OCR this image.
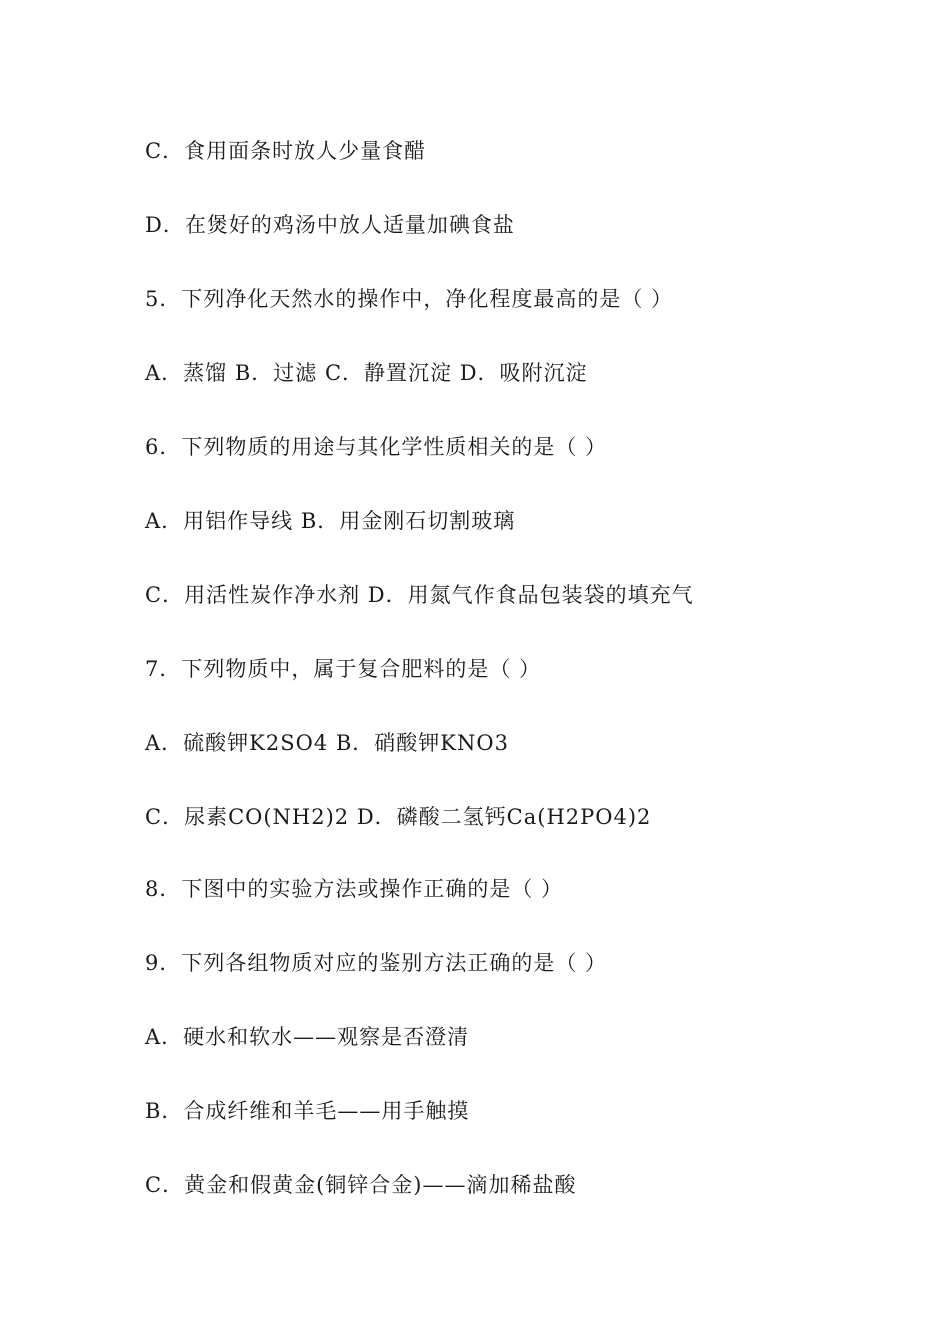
C．食用面条时放人少量食醋
D．在煲好的鸡汤中放人适量加碘食盐
5．下列净化天然水的操作中，净化程度最高的是（ ）
A．蒸馏 B．过滤 C．静置沉淀 D．吸附沉淀
6．下列物质的用途与其化学性质相关的是（ ）
A．用铝作导线 B．用金刚石切割玻璃
C．用活性炭作净水剂 D．用氮气作食品包装袋的填充气
7．下列物质中，属于复合肥料的是（ ）
A．硫酸钾K2SO4 B．硝酸钾KNO3
C．尿素CO(NH2)2 D．磷酸二氢钙Ca(H2PO4)2
8．下图中的实验方法或操作正确的是（ ）
9．下列各组物质对应的鉴别方法正确的是（ ）
A．硬水和软水——观察是否澄清
B．合成纤维和羊毛——用手触摸
C．黄金和假黄金(铜锌合金)——滴加稀盐酸
